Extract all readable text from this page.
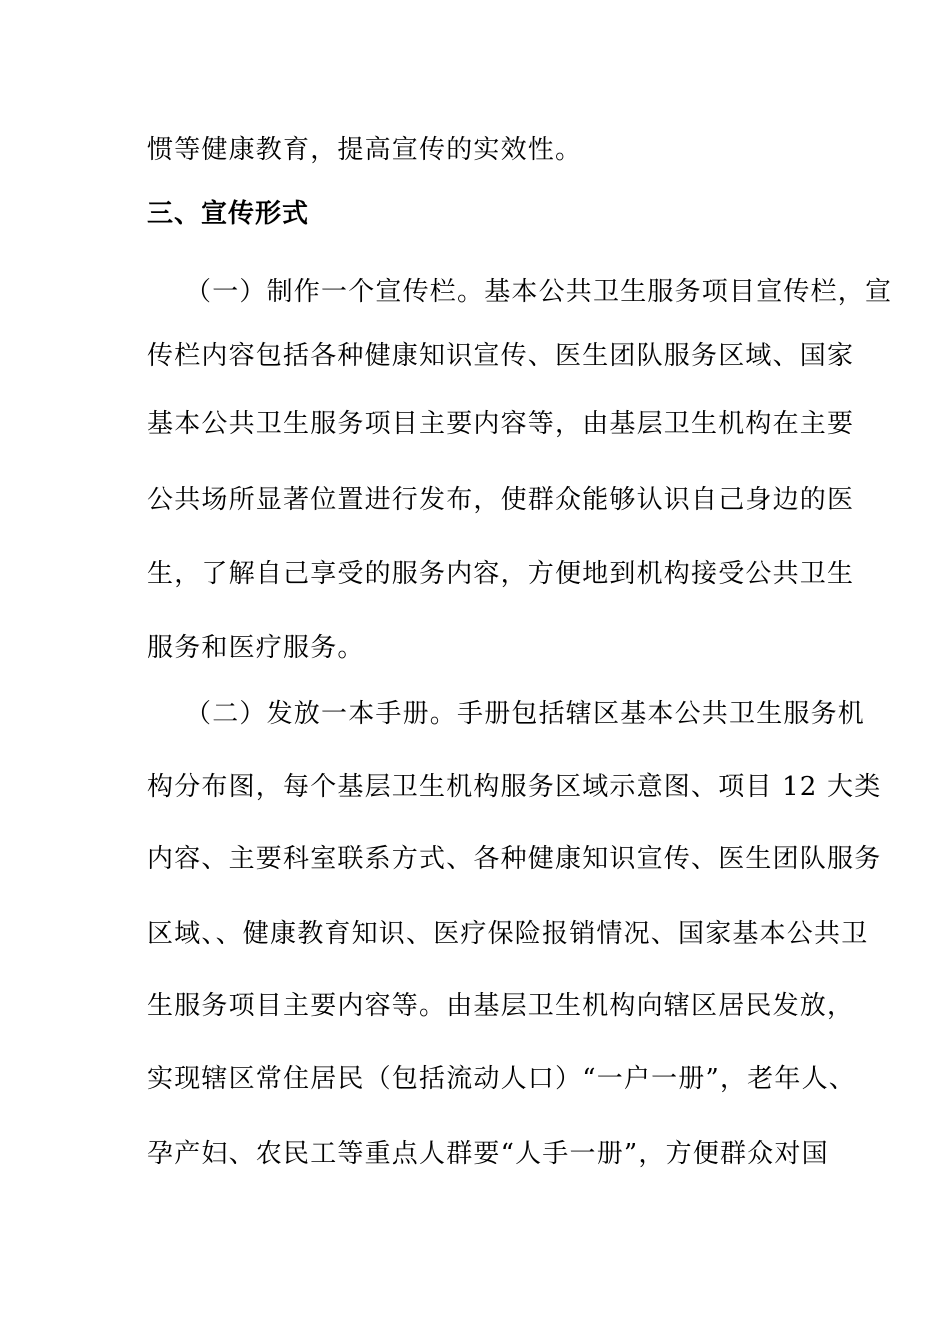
惯等健康教育，提高宣传的实效性。
三、宣传形式
（一）制作一个宣传栏。基本公共卫生服务项目宣传栏，宣
传栏内容包括各种健康知识宣传、医生团队服务区域、国家
基本公共卫生服务项目主要内容等，由基层卫生机构在主要
公共场所显著位置进行发布，使群众能够认识自己身边的医
生，了解自己享受的服务内容，方便地到机构接受公共卫生
服务和医疗服务。
（二）发放一本手册。手册包括辖区基本公共卫生服务机
构分布图，每个基层卫生机构服务区域示意图、项目 12 大类
内容、主要科室联系方式、各种健康知识宣传、医生团队服务
区域、、健康教育知识、医疗保险报销情况、国家基本公共卫
生服务项目主要内容等。由基层卫生机构向辖区居民发放，
实现辖区常住居民（包括流动人口）“一户一册”，老年人、
孕产妇、农民工等重点人群要“人手一册”，方便群众对国
